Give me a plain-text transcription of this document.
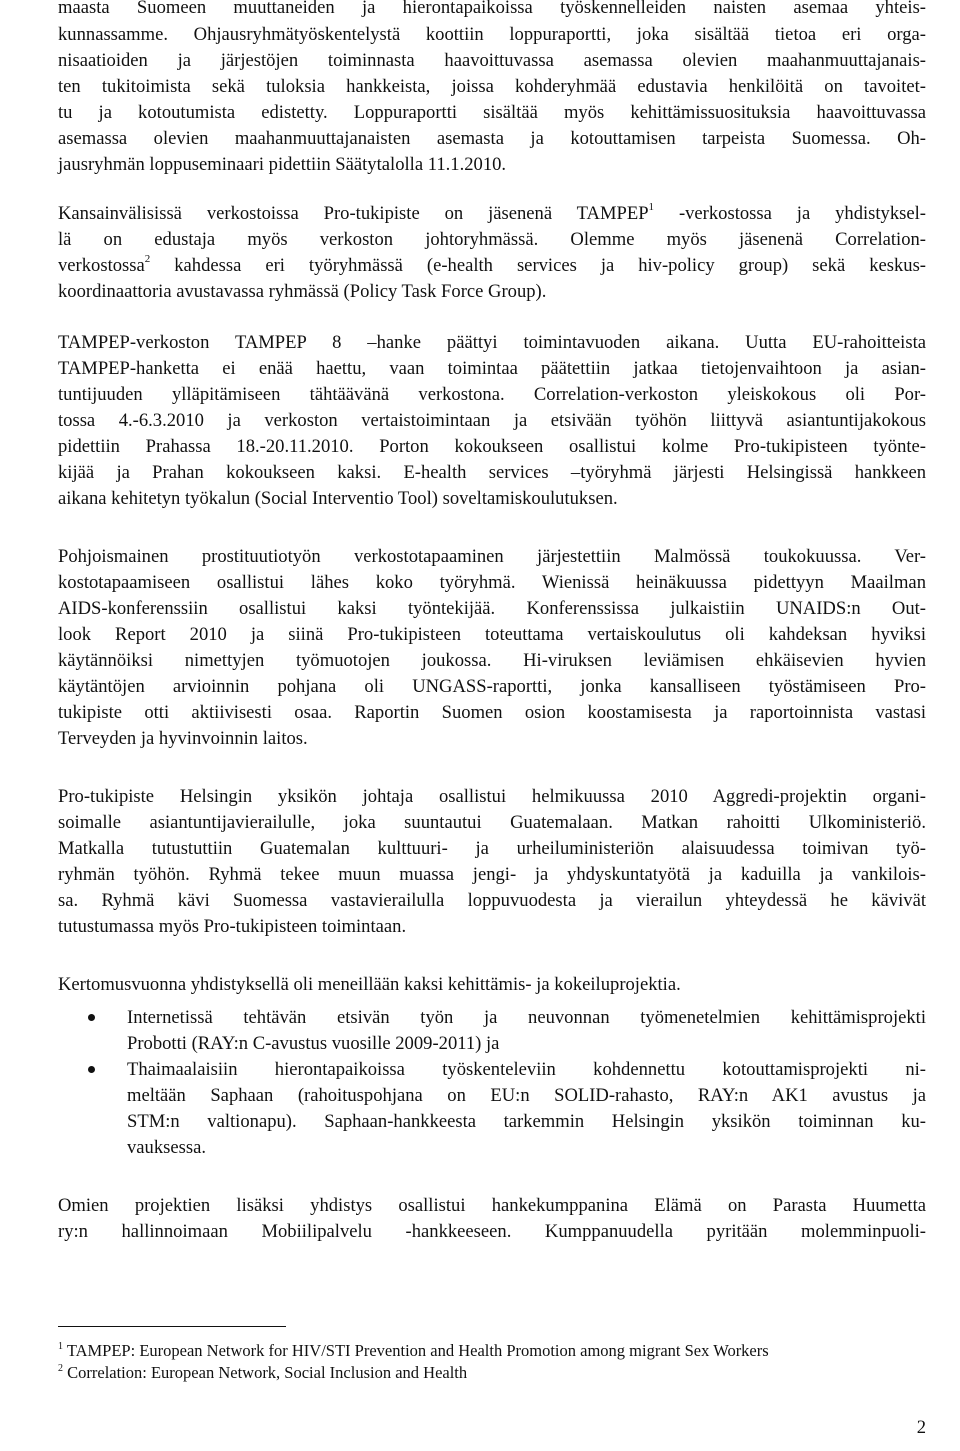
maasta Suomeen muuttaneiden ja hierontapaikoissa työskennelleiden naisten asemaa yhteis-
kunnassamme. Ohjausryhmätyöskentelystä koottiin loppuraportti, joka sisältää tietoa eri orga-
nisaatioiden ja järjestöjen toiminnasta haavoittuvassa asemassa olevien maahanmuuttajanais-
ten tukitoimista sekä tuloksia hankkeista, joissa kohderyhmää edustavia henkilöitä on tavoitet-
tu ja kotoutumista edistetty. Loppuraportti sisältää myös kehittämissuosituksia haavoittuvassa
asemassa olevien maahanmuuttajanaisten asemasta ja kotouttamisen tarpeista Suomessa. Oh-
jausryhmän loppuseminaari pidettiin Säätytalolla 11.1.2010.
Kansainvälisissä verkostoissa Pro-tukipiste on jäsenenä TAMPEP$^1$ -verkostossa ja yhdistyksel-
lä on edustaja myös verkoston johtoryhmässä. Olemme myös jäsenenä Correlation-
verkostossa$^2$ kahdessa eri työryhmässä (e-health services ja hiv-policy group) sekä keskus-
koordinaattoria avustavassa ryhmässä (Policy Task Force Group).
TAMPEP-verkoston TAMPEP 8 –hanke päättyi toimintavuoden aikana. Uutta EU-rahoitteista
TAMPEP-hanketta ei enää haettu, vaan toimintaa päätettiin jatkaa tietojenvaihtoon ja asian-
tuntijuuden ylläpitämiseen tähtäävänä verkostona. Correlation-verkoston yleiskokous oli Por-
tossa 4.-6.3.2010 ja verkoston vertaistoimintaan ja etsivään työhön liittyvä asiantuntijakokous
pidettiin Prahassa 18.-20.11.2010. Porton kokoukseen osallistui kolme Pro-tukipisteen työnte-
kijää ja Prahan kokoukseen kaksi. E-health services –työryhmä järjesti Helsingissä hankkeen
aikana kehitetyn työkalun (Social Interventio Tool) soveltamiskoulutuksen.
Pohjoismainen prostituutiotyön verkostotapaaminen järjestettiin Malmössä toukokuussa. Ver-
kostotapaamiseen osallistui lähes koko työryhmä. Wienissä heinäkuussa pidettyyn Maailman
AIDS-konferenssiin osallistui kaksi työntekijää. Konferenssissa julkaistiin UNAIDS:n Out-
look Report 2010 ja siinä Pro-tukipisteen toteuttama vertaiskoulutus oli kahdeksan hyviksi
käytännöiksi nimettyjen työmuotojen joukossa. Hi-viruksen leviämisen ehkäisevien hyvien
käytäntöjen arvioinnin pohjana oli UNGASS-raportti, jonka kansalliseen työstämiseen Pro-
tukipiste otti aktiivisesti osaa. Raportin Suomen osion koostamisesta ja raportoinnista vastasi
Terveyden ja hyvinvoinnin laitos.
Pro-tukipiste Helsingin yksikön johtaja osallistui helmikuussa 2010 Aggredi-projektin organi-
soimalle asiantuntijavierailulle, joka suuntautui Guatemalaan. Matkan rahoitti Ulkoministeriö.
Matkalla tutustuttiin Guatemalan kulttuuri- ja urheiluministeriön alaisuudessa toimivan työ-
ryhmän työhön. Ryhmä tekee muun muassa jengi- ja yhdyskuntatyötä ja kaduilla ja vankilois-
sa. Ryhmä kävi Suomessa vastavierailulla loppuvuodesta ja vierailun yhteydessä he kävivät
tutustumassa myös Pro-tukipisteen toimintaan.
Kertomusvuonna yhdistyksellä oli meneillään kaksi kehittämis- ja kokeiluprojektia.
Internetissä tehtävän etsivän työn ja neuvonnan työmenetelmien kehittämisprojekti
Probotti (RAY:n C-avustus vuosille 2009-2011) ja
Thaimaalaisiin hierontapaikoissa työskenteleviin kohdennettu kotouttamisprojekti ni-
meltään Saphaan (rahoituspohjana on EU:n SOLID-rahasto, RAY:n AK1 avustus ja
STM:n valtionapu). Saphaan-hankkeesta tarkemmin Helsingin yksikön toiminnan ku-
vauksessa.
Omien projektien lisäksi yhdistys osallistui hankekumppanina Elämä on Parasta Huumetta
ry:n hallinnoimaan Mobiilipalvelu -hankkeeseen. Kumppanuudella pyritään molemminpuoli-
$^1$ TAMPEP: European Network for HIV/STI Prevention and Health Promotion among migrant Sex Workers
$^2$ Correlation: European Network, Social Inclusion and Health
2
